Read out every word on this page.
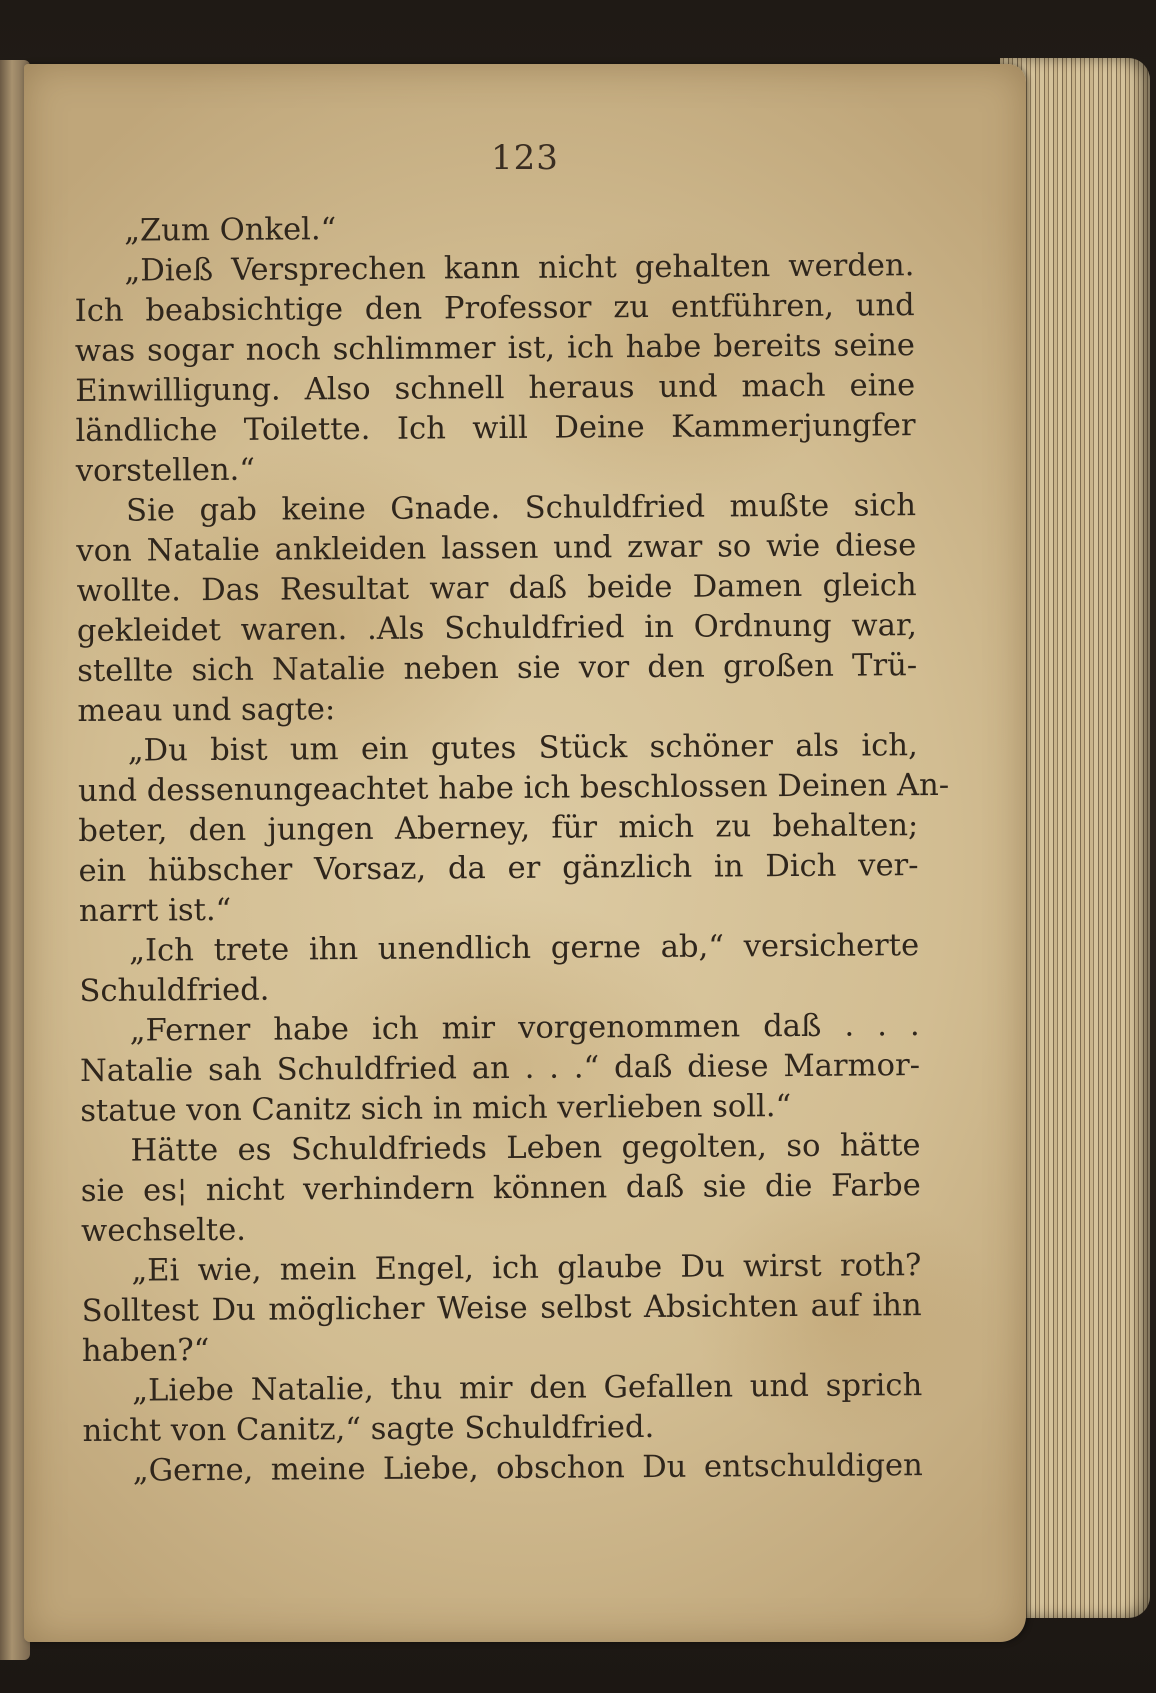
123
„Zum Onkel.“
„Dieß Versprechen kann nicht gehalten werden.
Ich beabsichtige den Professor zu entführen, und
was sogar noch schlimmer ist, ich habe bereits seine
Einwilligung. Also schnell heraus und mach eine
ländliche Toilette. Ich will Deine Kammerjungfer
vorstellen.“
Sie gab keine Gnade. Schuldfried mußte sich
von Natalie ankleiden lassen und zwar so wie diese
wollte. Das Resultat war daß beide Damen gleich
gekleidet waren. .Als Schuldfried in Ordnung war,
stellte sich Natalie neben sie vor den großen Trü-
meau und sagte:
„Du bist um ein gutes Stück schöner als ich,
und dessenungeachtet habe ich beschlossen Deinen An-
beter, den jungen Aberney, für mich zu behalten;
ein hübscher Vorsaz, da er gänzlich in Dich ver-
narrt ist.“
„Ich trete ihn unendlich gerne ab,“ versicherte
Schuldfried.
„Ferner habe ich mir vorgenommen daß . . .
Natalie sah Schuldfried an . . .“ daß diese Marmor-
statue von Canitz sich in mich verlieben soll.“
Hätte es Schuldfrieds Leben gegolten, so hätte
sie es¦ nicht verhindern können daß sie die Farbe
wechselte.
„Ei wie, mein Engel, ich glaube Du wirst roth?
Solltest Du möglicher Weise selbst Absichten auf ihn
haben?“
„Liebe Natalie, thu mir den Gefallen und sprich
nicht von Canitz,“ sagte Schuldfried.
„Gerne, meine Liebe, obschon Du entschuldigen
